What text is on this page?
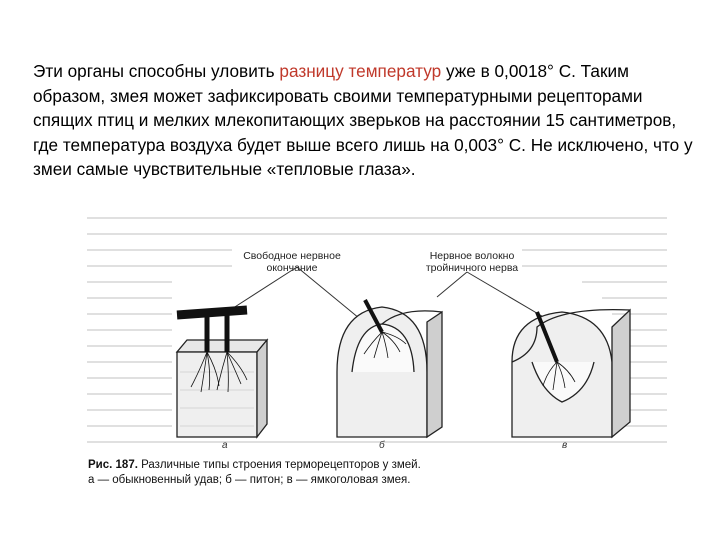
Эти органы способны уловить разницу температур уже в 0,0018° С. Таким образом, змея может зафиксировать своими температурными рецепторами спящих птиц и мелких млекопитающих зверьков на расстоянии 15 сантиметров, где температура воздуха будет выше всего лишь на 0,003° С. Не исключено, что у змеи самые чувствительные «тепловые глаза».
Свободное нервное окончание
Нервное волокно тройничного нерва
а	б	в
Рис. 187. Различные типы строения терморецепторов у змей.
а — обыкновенный удав; б — питон; в — ямкоголовая змея.
